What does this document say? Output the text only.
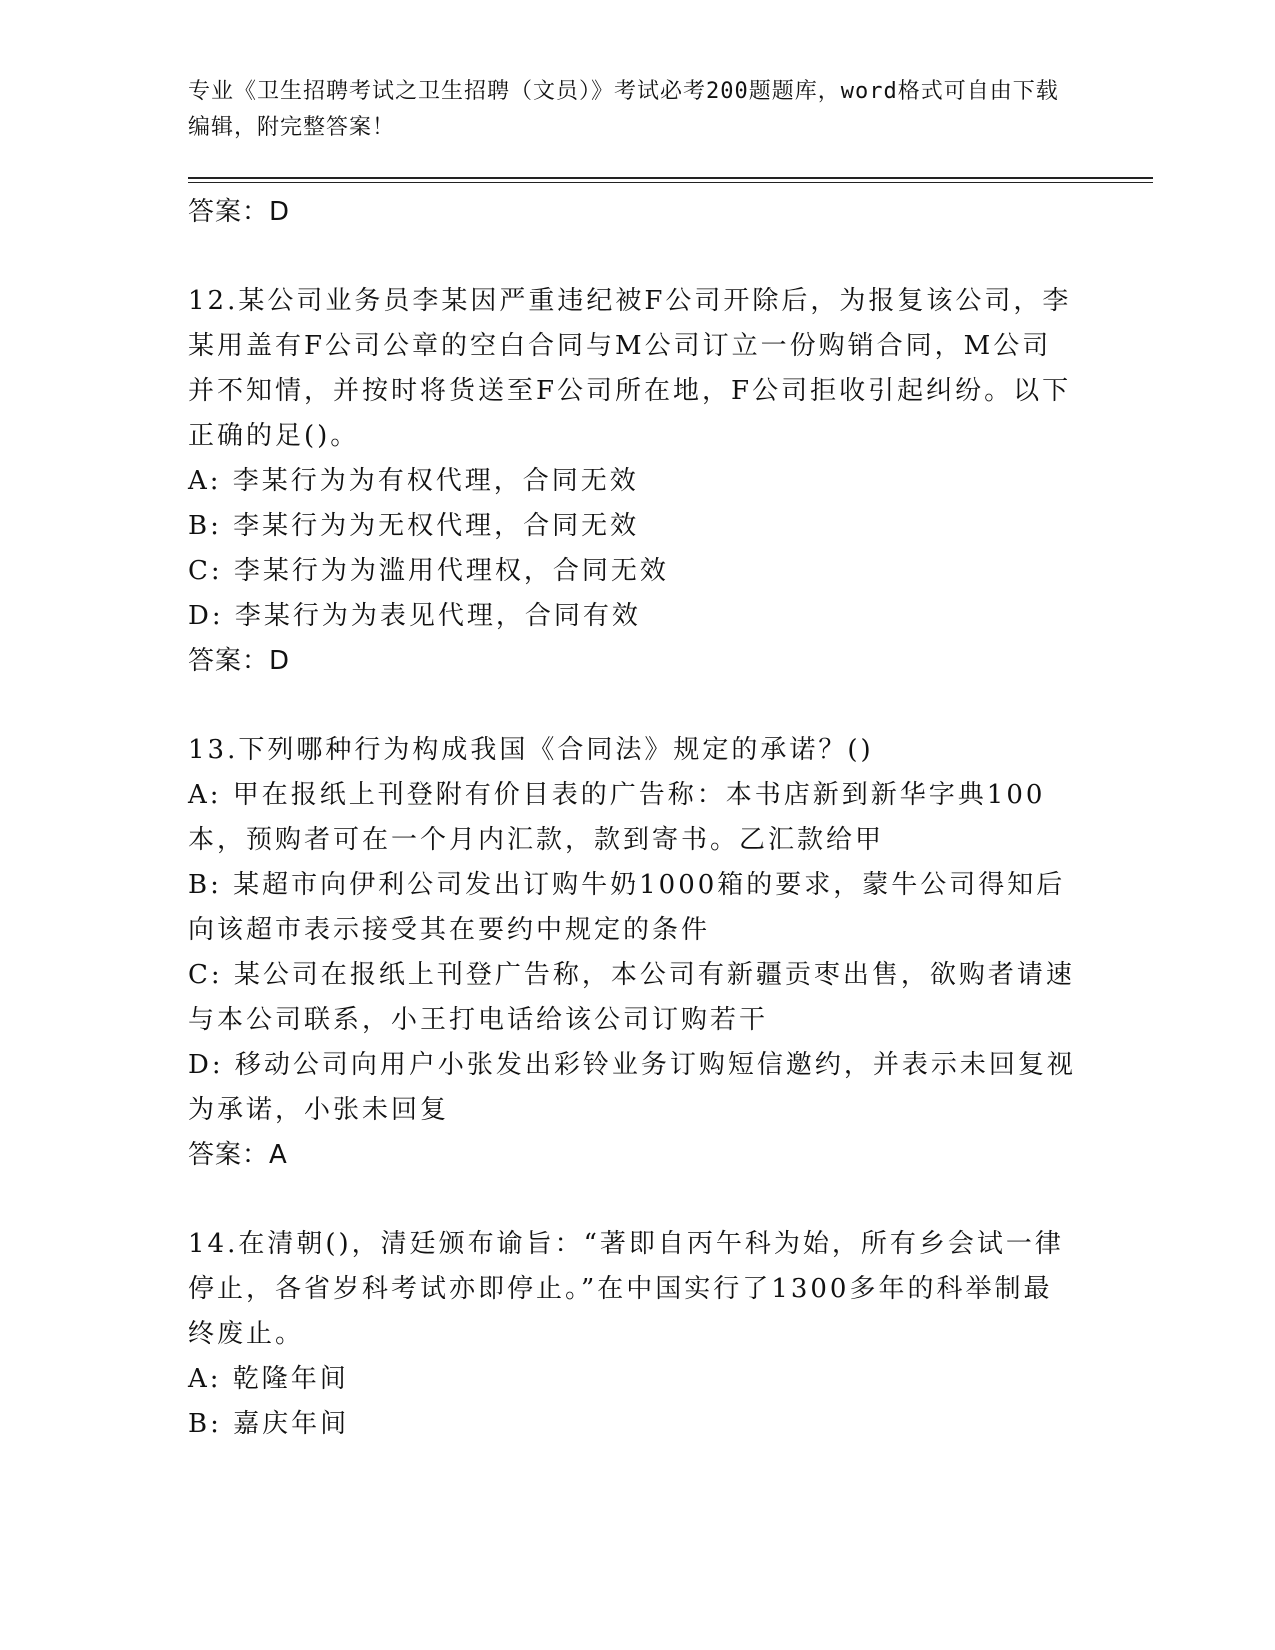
专业《卫生招聘考试之卫生招聘（文员）》考试必考200题题库，word格式可自由下载编辑，附完整答案！
答案：D
12.某公司业务员李某因严重违纪被F公司开除后，为报复该公司，李某用盖有F公司公章的空白合同与M公司订立一份购销合同，M公司并不知情，并按时将货送至F公司所在地，F公司拒收引起纠纷。以下正确的足()。
A: 李某行为为有权代理，合同无效
B: 李某行为为无权代理，合同无效
C: 李某行为为滥用代理权，合同无效
D: 李某行为为表见代理，合同有效
答案：D
13.下列哪种行为构成我国《合同法》规定的承诺？()
A: 甲在报纸上刊登附有价目表的广告称：本书店新到新华字典100本，预购者可在一个月内汇款，款到寄书。乙汇款给甲
B: 某超市向伊利公司发出订购牛奶1000箱的要求，蒙牛公司得知后向该超市表示接受其在要约中规定的条件
C: 某公司在报纸上刊登广告称，本公司有新疆贡枣出售，欲购者请速与本公司联系，小王打电话给该公司订购若干
D: 移动公司向用户小张发出彩铃业务订购短信邀约，并表示未回复视为承诺，小张未回复
答案：A
14.在清朝()，清廷颁布谕旨：“著即自丙午科为始，所有乡会试一律停止，各省岁科考试亦即停止。”在中国实行了1300多年的科举制最终废止。
A: 乾隆年间
B: 嘉庆年间
